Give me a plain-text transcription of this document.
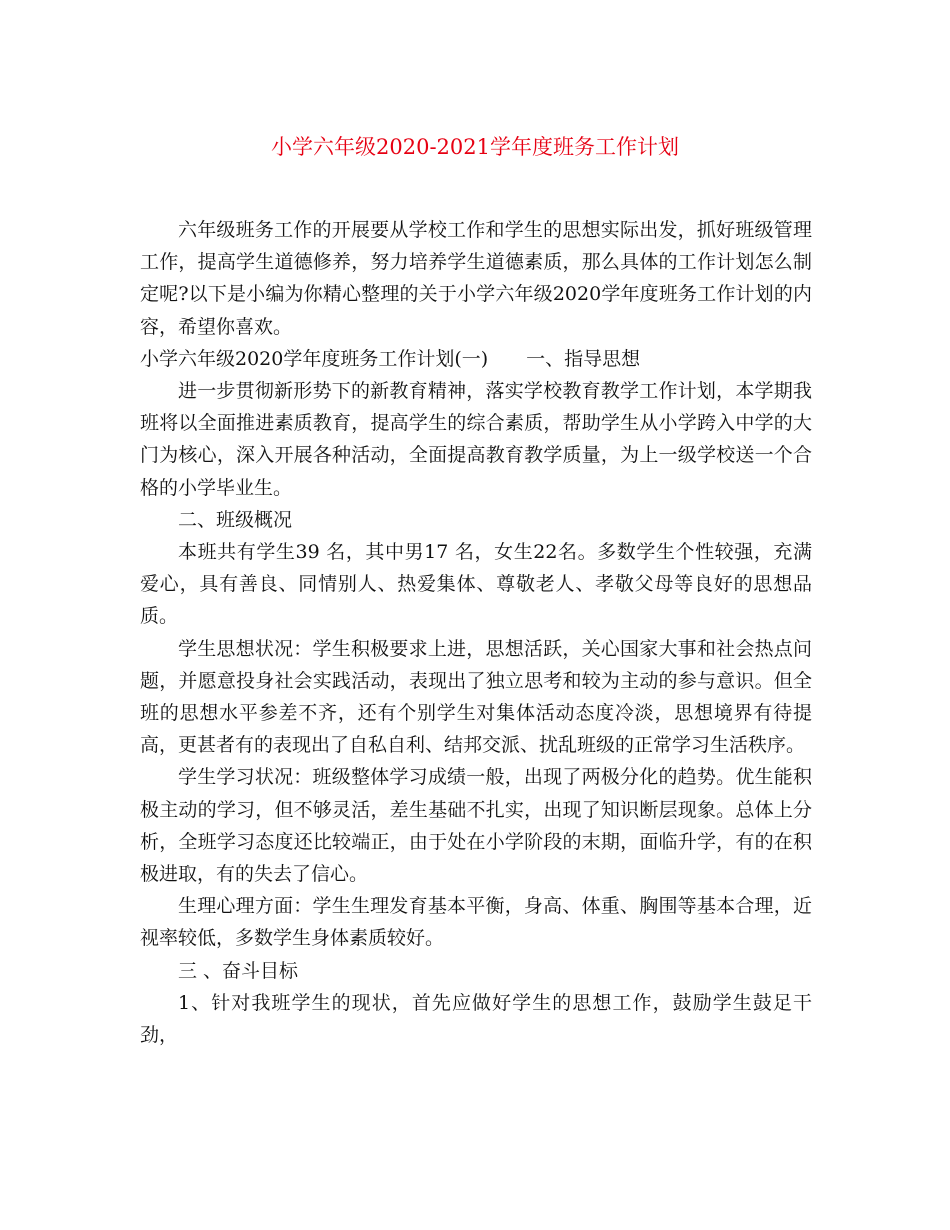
小学六年级2020-2021学年度班务工作计划

六年级班务工作的开展要从学校工作和学生的思想实际出发，抓好班级管理工作，提高学生道德修养，努力培养学生道德素质，那么具体的工作计划怎么制定呢?以下是小编为你精心整理的关于小学六年级2020学年度班务工作计划的内容，希望你喜欢。

小学六年级2020学年度班务工作计划(一)　　一、指导思想

进一步贯彻新形势下的新教育精神，落实学校教育教学工作计划，本学期我班将以全面推进素质教育，提高学生的综合素质，帮助学生从小学跨入中学的大门为核心，深入开展各种活动，全面提高教育教学质量，为上一级学校送一个合格的小学毕业生。

二、班级概况

本班共有学生39 名，其中男17 名，女生22名。多数学生个性较强，充满爱心，具有善良、同情别人、热爱集体、尊敬老人、孝敬父母等良好的思想品质。

学生思想状况：学生积极要求上进，思想活跃，关心国家大事和社会热点问题，并愿意投身社会实践活动，表现出了独立思考和较为主动的参与意识。但全班的思想水平参差不齐，还有个别学生对集体活动态度冷淡，思想境界有待提高，更甚者有的表现出了自私自利、结邦交派、扰乱班级的正常学习生活秩序。

学生学习状况：班级整体学习成绩一般，出现了两极分化的趋势。优生能积极主动的学习，但不够灵活，差生基础不扎实，出现了知识断层现象。总体上分析，全班学习态度还比较端正，由于处在小学阶段的末期，面临升学，有的在积极进取，有的失去了信心。

生理心理方面：学生生理发育基本平衡，身高、体重、胸围等基本合理，近视率较低，多数学生身体素质较好。

三 、奋斗目标

1、针对我班学生的现状，首先应做好学生的思想工作，鼓励学生鼓足干劲，
